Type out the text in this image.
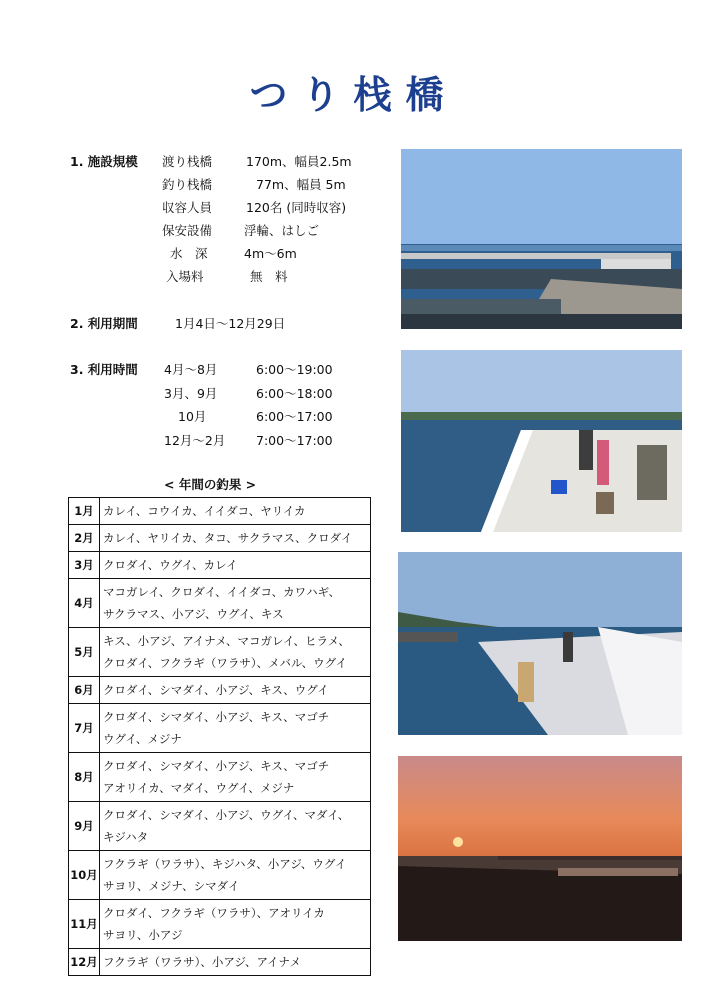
つり栈橋
1. 施設規模 渡り栈橋	170m、幅員2.5m
釣り栈橋	77m、幅員 5m
収容人員	120名 (同時収容)
保安設備	浮輪、はしご
水　深	4m～6m
入場料	無　料
2. 利用期間	1月4日～12月29日
3. 利用時間 4月～8月	6:00～19:00
3月、9月	6:00～18:00
10月	6:00～17:00
12月～2月 7:00～17:00
< 年間の釣果 >
1月	カレイ、コウイカ、イイダコ、ヤリイカ

2月	カレイ、ヤリイカ、タコ、サクラマス、クロダイ

3月	クロダイ、ウグイ、カレイ

4月	マコガレイ、クロダイ、イイダコ、カワハギ、
サクラマス、小アジ、ウグイ、キス

5月	キス、小アジ、アイナメ、マコガレイ、ヒラメ、
クロダイ、フクラギ（ワラサ）、メバル、ウグイ

6月	クロダイ、シマダイ、小アジ、キス、ウグイ

7月	クロダイ、シマダイ、小アジ、キス、マゴチ
ウグイ、メジナ

8月	クロダイ、シマダイ、小アジ、キス、マゴチ
アオリイカ、マダイ、ウグイ、メジナ

9月	クロダイ、シマダイ、小アジ、ウグイ、マダイ、
キジハタ

10月	フクラギ（ワラサ）、キジハタ、小アジ、ウグイ
サヨリ、メジナ、シマダイ

11月	クロダイ、フクラギ（ワラサ）、アオリイカ
サヨリ、小アジ

12月	フクラギ（ワラサ）、小アジ、アイナメ
